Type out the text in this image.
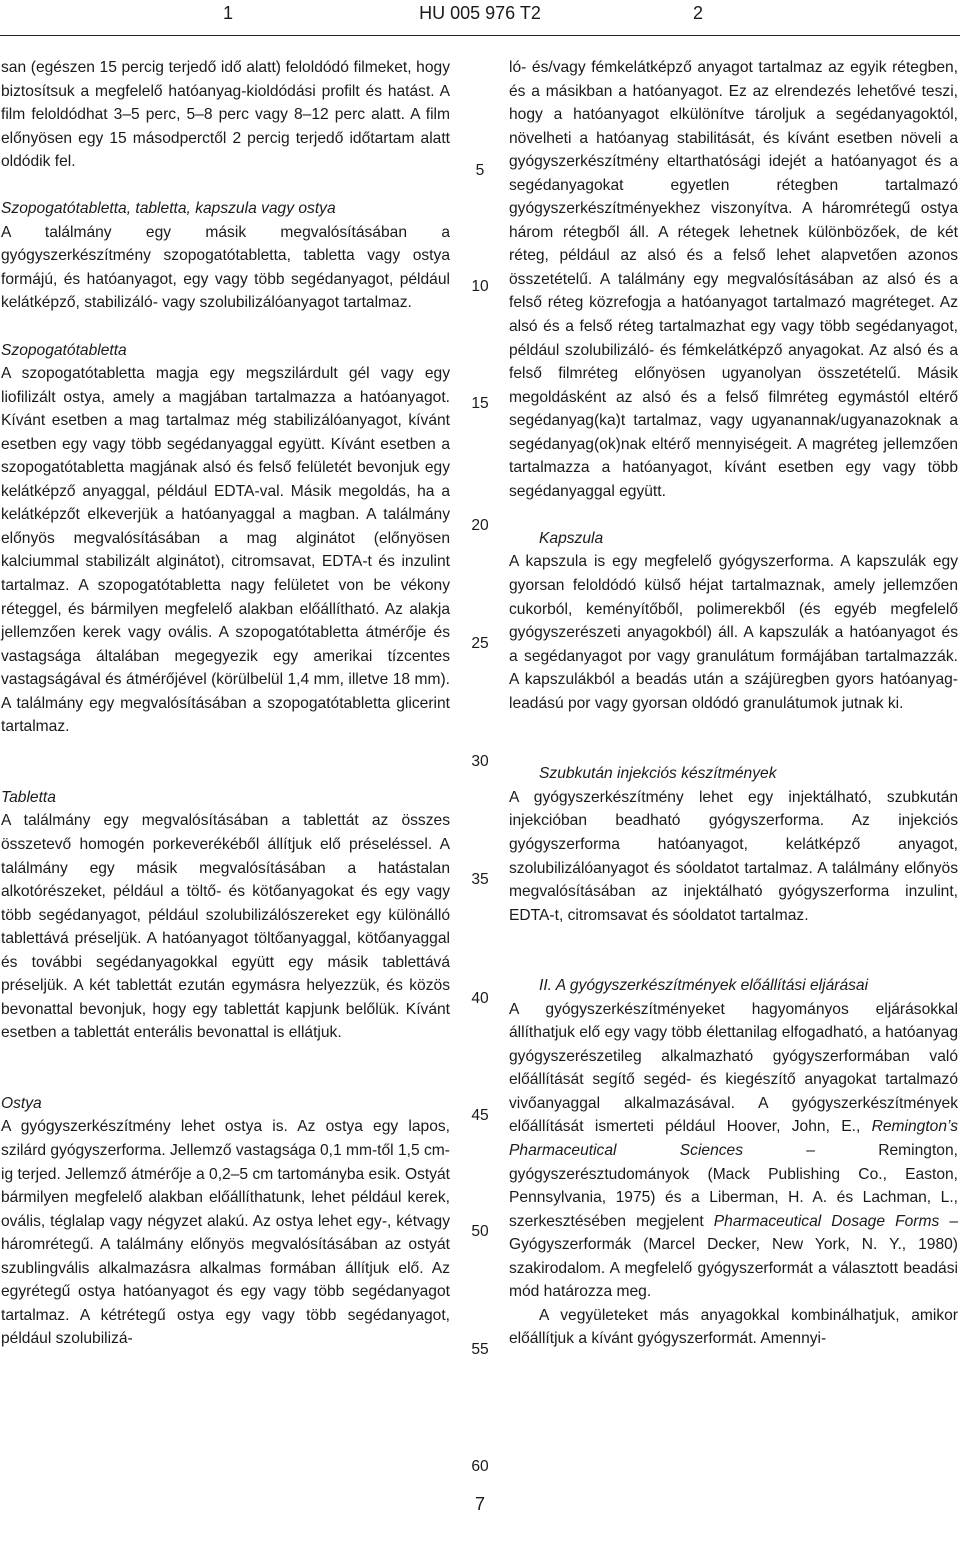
1	HU 005 976 T2	2

san (egészen 15 percig terjedő idő alatt) feloldódó filmeket, hogy biztosítsuk a megfelelő hatóanyag-kioldódási profilt és hatást. A film feloldódhat 3–5 perc, 5–8 perc vagy 8–12 perc alatt. A film előnyösen egy 15 másodperctől 2 percig terjedő időtartam alatt oldódik fel.

Szopogatótabletta, tabletta, kapszula vagy ostya

A találmány egy másik megvalósításában a gyógyszerkészítmény szopogatótabletta, tabletta vagy ostya formájú, és hatóanyagot, egy vagy több segédanyagot, például kelátképző, stabilizáló- vagy szolubilizálóanyagot tartalmaz.

Szopogatótabletta

A szopogatótabletta magja egy megszilárdult gél vagy egy liofilizált ostya, amely a magjában tartalmazza a hatóanyagot. Kívánt esetben a mag tartalmaz még stabilizálóanyagot, kívánt esetben egy vagy több segédanyaggal együtt. Kívánt esetben a szopogatótabletta magjának alsó és felső felületét bevonjuk egy kelátképző anyaggal, például EDTA-val. Másik megoldás, ha a kelátképzőt elkeverjük a hatóanyaggal a magban. A találmány előnyös megvalósításában a mag alginátot (előnyösen kalciummal stabilizált alginátot), citromsavat, EDTA-t és inzulint tartalmaz. A szopogatótabletta nagy felületet von be vékony réteggel, és bármilyen megfelelő alakban előállítható. Az alakja jellemzően kerek vagy ovális. A szopogatótabletta átmérője és vastagsága általában megegyezik egy amerikai tízcentes vastagságával és átmérőjével (körülbelül 1,4 mm, illetve 18 mm). A találmány egy megvalósításában a szopogatótabletta glicerint tartalmaz.

Tabletta

A találmány egy megvalósításában a tablettát az összes összetevő homogén porkeverékéből állítjuk elő préseléssel. A találmány egy másik megvalósításában a hatástalan alkotórészeket, például a töltő- és kötőanyagokat és egy vagy több segédanyagot, például szolubilizálószereket egy különálló tablettává préseljük. A hatóanyagot töltőanyaggal, kötőanyaggal és további segédanyagokkal együtt egy másik tablettává préseljük. A két tablettát ezután egymásra helyezzük, és közös bevonattal bevonjuk, hogy egy tablettát kapjunk belőlük. Kívánt esetben a tablettát enterális bevonattal is ellátjuk.

Ostya

A gyógyszerkészítmény lehet ostya is. Az ostya egy lapos, szilárd gyógyszerforma. Jellemző vastagsága 0,1 mm-től 1,5 cm-ig terjed. Jellemző átmérője a 0,2–5 cm tartományba esik. Ostyát bármilyen megfelelő alakban előállíthatunk, lehet például kerek, ovális, téglalap vagy négyzet alakú. Az ostya lehet egy-, kétvagy háromrétegű. A találmány előnyös megvalósításában az ostyát szublingvális alkalmazásra alkalmas formában állítjuk elő. Az egyrétegű ostya hatóanyagot és egy vagy több segédanyagot tartalmaz. A kétrétegű ostya egy vagy több segédanyagot, például szolubilizá-

ló- és/vagy fémkelátképző anyagot tartalmaz az egyik rétegben, és a másikban a hatóanyagot. Ez az elrendezés lehetővé teszi, hogy a hatóanyagot elkülönítve tároljuk a segédanyagoktól, növelheti a hatóanyag stabilitását, és kívánt esetben növeli a gyógyszerkészítmény eltarthatósági idejét a hatóanyagot és a segédanyagokat egyetlen rétegben tartalmazó gyógyszerkészítményekhez viszonyítva. A háromrétegű ostya három rétegből áll. A rétegek lehetnek különbözőek, de két réteg, például az alsó és a felső lehet alapvetően azonos összetételű. A találmány egy megvalósításában az alsó és a felső réteg közrefogja a hatóanyagot tartalmazó magréteget. Az alsó és a felső réteg tartalmazhat egy vagy több segédanyagot, például szolubilizáló- és fémkelátképző anyagokat. Az alsó és a felső filmréteg előnyösen ugyanolyan összetételű. Másik megoldásként az alsó és a felső filmréteg egymástól eltérő segédanyag(ka)t tartalmaz, vagy ugyanannak/ugyanazoknak a segédanyag(ok)nak eltérő mennyiségeit. A magréteg jellemzően tartalmazza a hatóanyagot, kívánt esetben egy vagy több segédanyaggal együtt.

Kapszula

A kapszula is egy megfelelő gyógyszerforma. A kapszulák egy gyorsan feloldódó külső héjat tartalmaznak, amely jellemzően cukorból, keményítőből, polimerekből (és egyéb megfelelő gyógyszerészeti anyagokból) áll. A kapszulák a hatóanyagot és a segédanyagot por vagy granulátum formájában tartalmazzák. A kapszulákból a beadás után a szájüregben gyors hatóanyag-leadású por vagy gyorsan oldódó granulátumok jutnak ki.

Szubkután injekciós készítmények

A gyógyszerkészítmény lehet egy injektálható, szubkután injekcióban beadható gyógyszerforma. Az injekciós gyógyszerforma hatóanyagot, kelátképző anyagot, szolubilizálóanyagot és sóoldatot tartalmaz. A találmány előnyös megvalósításában az injektálható gyógyszerforma inzulint, EDTA-t, citromsavat és sóoldatot tartalmaz.

II. A gyógyszerkészítmények előállítási eljárásai

A gyógyszerkészítményeket hagyományos eljárásokkal állíthatjuk elő egy vagy több élettanilag elfogadható, a hatóanyag gyógyszerészetileg alkalmazható gyógyszerformában való előállítását segítő segéd- és kiegészítő anyagokat tartalmazó vivőanyaggal alkalmazásával. A gyógyszerkészítmények előállítását ismerteti például Hoover, John, E., Remington’s Pharmaceutical Sciences – Remington, gyógyszerésztudományok (Mack Publishing Co., Easton, Pennsylvania, 1975) és a Liberman, H. A. és Lachman, L., szerkesztésében megjelent Pharmaceutical Dosage Forms – Gyógyszerformák (Marcel Decker, New York, N. Y., 1980) szakirodalom. A megfelelő gyógyszerformát a választott beadási mód határozza meg.

A vegyületeket más anyagokkal kombinálhatjuk, amikor előállítjuk a kívánt gyógyszerformát. Amennyi-

5
10
15
20
25
30
35
40
45
50
55
60
7
